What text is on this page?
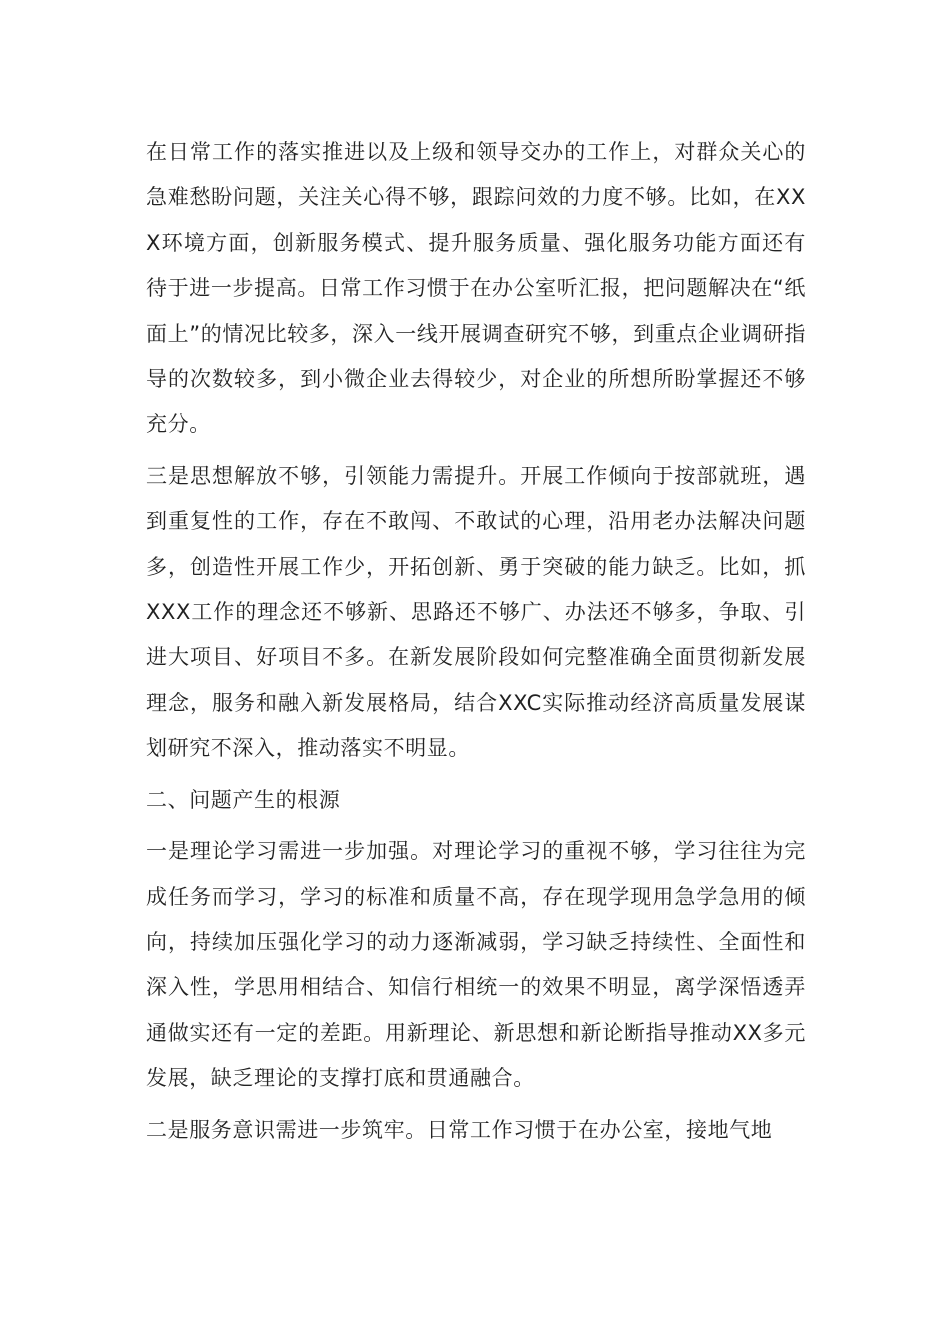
在日常工作的落实推进以及上级和领导交办的工作上，对群众关心的急难愁盼问题，关注关心得不够，跟踪问效的力度不够。比如，在XXX环境方面，创新服务模式、提升服务质量、强化服务功能方面还有待于进一步提高。日常工作习惯于在办公室听汇报，把问题解决在“纸面上”的情况比较多，深入一线开展调查研究不够，到重点企业调研指导的次数较多，到小微企业去得较少，对企业的所想所盼掌握还不够充分。

三是思想解放不够，引领能力需提升。开展工作倾向于按部就班，遇到重复性的工作，存在不敢闯、不敢试的心理，沿用老办法解决问题多，创造性开展工作少，开拓创新、勇于突破的能力缺乏。比如，抓XXX工作的理念还不够新、思路还不够广、办法还不够多，争取、引进大项目、好项目不多。在新发展阶段如何完整准确全面贯彻新发展理念，服务和融入新发展格局，结合XXC实际推动经济高质量发展谋划研究不深入，推动落实不明显。

二、问题产生的根源

一是理论学习需进一步加强。对理论学习的重视不够，学习往往为完成任务而学习，学习的标准和质量不高，存在现学现用急学急用的倾向，持续加压强化学习的动力逐渐减弱，学习缺乏持续性、全面性和深入性，学思用相结合、知信行相统一的效果不明显，离学深悟透弄通做实还有一定的差距。用新理论、新思想和新论断指导推动XX多元发展，缺乏理论的支撑打底和贯通融合。

二是服务意识需进一步筑牢。日常工作习惯于在办公室，接地气地
